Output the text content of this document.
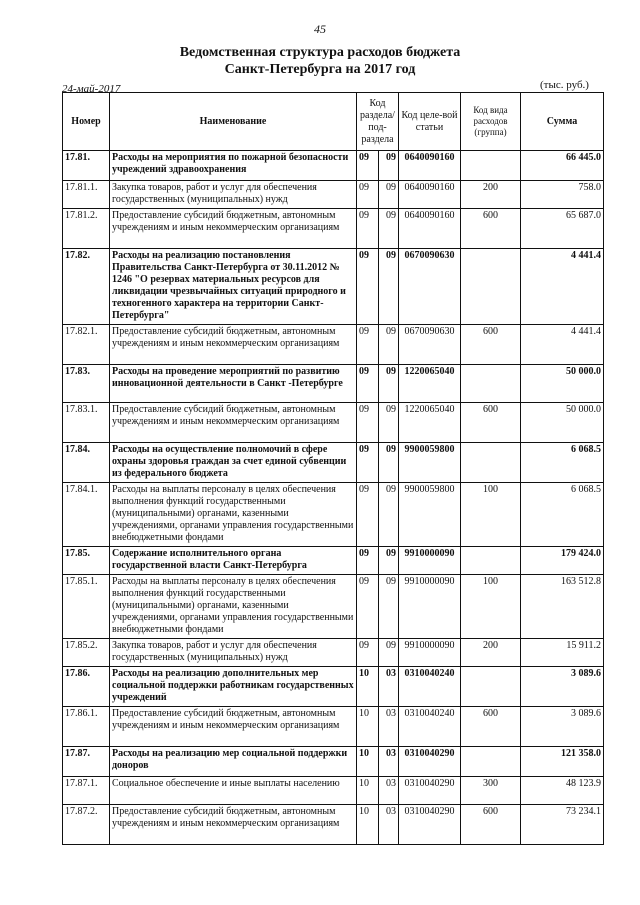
45
Ведомственная структура расходов бюджета
Санкт-Петербурга на 2017 год
24-май-2017	(тыс. руб.)
Номер	Наименование	Код раздела/ под-раздела		Код целе-вой статьи	Код вида расходов (группа)	Сумма
17.81.	Расходы на мероприятия по пожарной безопасности учреждений здравоохранения	09	09	0640090160		66 445.0
17.81.1.	Закупка товаров, работ и услуг для обеспечения государственных (муниципальных) нужд	09	09	0640090160	200	758.0
17.81.2.	Предоставление субсидий бюджетным, автономным учреждениям и иным некоммерческим организациям	09	09	0640090160	600	65 687.0
17.82.	Расходы на реализацию постановления Правительства Санкт-Петербурга от 30.11.2012 № 1246 "О резервах материальных ресурсов для ликвидации чрезвычайных ситуаций природного и техногенного характера на территории Санкт-Петербурга"	09	09	0670090630		4 441.4
17.82.1.	Предоставление субсидий бюджетным, автономным учреждениям и иным некоммерческим организациям	09	09	0670090630	600	4 441.4
17.83.	Расходы на проведение мероприятий по развитию инновационной деятельности в Санкт -Петербурге	09	09	1220065040		50 000.0
17.83.1.	Предоставление субсидий бюджетным, автономным учреждениям и иным некоммерческим организациям	09	09	1220065040	600	50 000.0
17.84.	Расходы на осуществление полномочий в сфере охраны здоровья граждан за счет единой субвенции из федерального бюджета	09	09	9900059800		6 068.5
17.84.1.	Расходы на выплаты персоналу в целях обеспечения выполнения функций государственными (муниципальными) органами, казенными учреждениями, органами управления государственными внебюджетными фондами	09	09	9900059800	100	6 068.5
17.85.	Содержание исполнительного органа государственной власти Санкт-Петербурга	09	09	9910000090		179 424.0
17.85.1.	Расходы на выплаты персоналу в целях обеспечения выполнения функций государственными (муниципальными) органами, казенными учреждениями, органами управления государственными внебюджетными фондами	09	09	9910000090	100	163 512.8
17.85.2.	Закупка товаров, работ и услуг для обеспечения государственных (муниципальных) нужд	09	09	9910000090	200	15 911.2
17.86.	Расходы на реализацию дополнительных мер социальной поддержки работникам государственных учреждений	10	03	0310040240		3 089.6
17.86.1.	Предоставление субсидий бюджетным, автономным учреждениям и иным некоммерческим организациям	10	03	0310040240	600	3 089.6
17.87.	Расходы на реализацию мер социальной поддержки доноров	10	03	0310040290		121 358.0
17.87.1.	Социальное обеспечение и иные выплаты населению	10	03	0310040290	300	48 123.9
17.87.2.	Предоставление субсидий бюджетным, автономным учреждениям и иным некоммерческим организациям	10	03	0310040290	600	73 234.1
